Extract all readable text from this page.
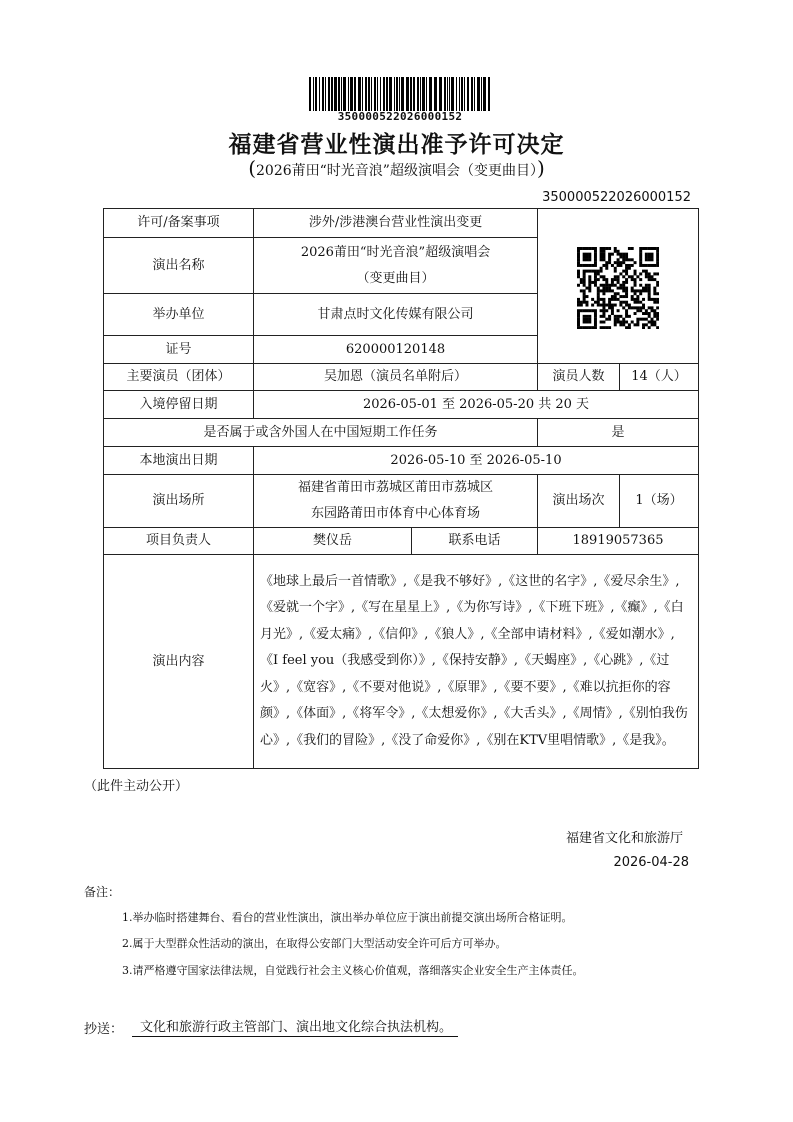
350000522026000152
福建省营业性演出准予许可决定
(2026莆田“时光音浪”超级演唱会（变更曲目）)
350000522026000152
许可/备案事项	涉外/涉港澳台营业性演出变更	

演出名称	2026莆田“时光音浪”超级演唱会
（变更曲目）			

举办单位	甘肃点时文化传媒有限公司			
证号	620000120148			
主要演员（团体）	吴加恩（演员名单附后）		演员人数	14（人）
入境停留日期	2026-05-01 至 2026-05-20 共 20 天			
是否属于或含外国人在中国短期工作任务			是	
本地演出日期	2026-05-10 至 2026-05-10			
演出场所	福建省莆田市荔城区莆田市荔城区
东园路莆田市体育中心体育场		演出场次	1（场）
项目负责人	樊仪岳	联系电话	18919057365	
演出内容	《地球上最后一首情歌》,《是我不够好》,《这世的名字》,《爱尽余生》,《爱就一个字》,《写在星星上》,《为你写诗》,《下班下班》,《癫》,《白月光》,《爱太痛》,《信仰》,《狼人》,《全部申请材料》,《爱如潮水》,《I feel you（我感受到你）》,《保持安静》,《天蝎座》,《心跳》,《过火》,《宽容》,《不要对他说》,《原罪》,《要不要》,《难以抗拒你的容颜》,《体面》,《将军令》,《太想爱你》,《大舌头》,《周情》,《别怕我伤心》,《我们的冒险》,《没了命爱你》,《别在KTV里唱情歌》,《是我》。			
（此件主动公开）
福建省文化和旅游厅
2026-04-28
备注：
1.举办临时搭建舞台、看台的营业性演出，演出举办单位应于演出前提交演出场所合格证明。
2.属于大型群众性活动的演出，在取得公安部门大型活动安全许可后方可举办。
3.请严格遵守国家法律法规，自觉践行社会主义核心价值观，落细落实企业安全生产主体责任。
抄送：	文化和旅游行政主管部门、演出地文化综合执法机构。
